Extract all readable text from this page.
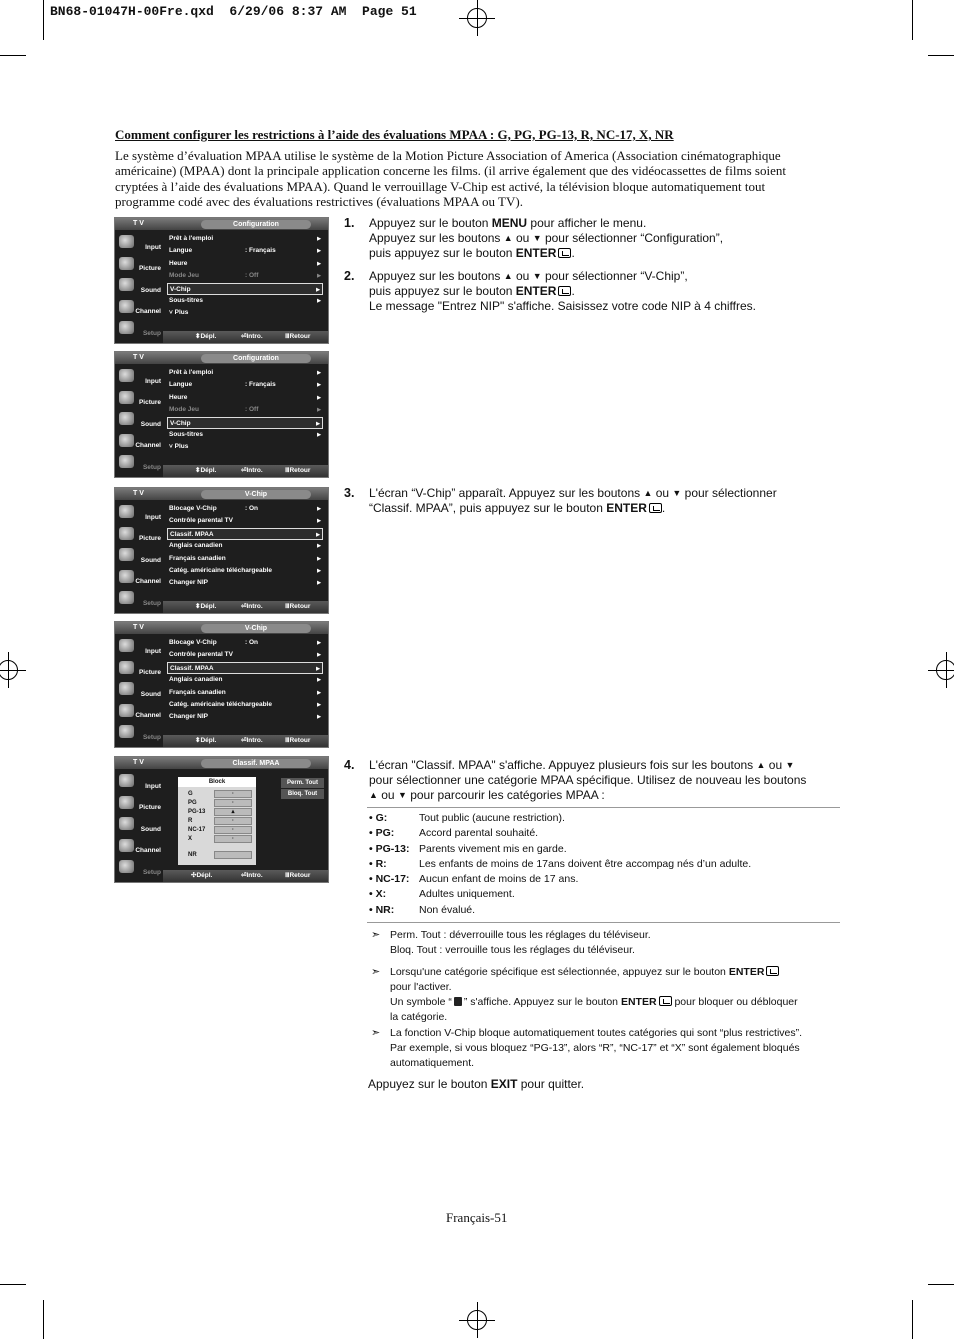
BN68-01047H-00Fre.qxd  6/29/06 8:37 AM  Page 51
Comment configurer les restrictions à l’aide des évaluations MPAA : G, PG, PG-13, R, NC-17, X, NR
Le système d’évaluation MPAA utilise le système de la Motion Picture Association of America (Association cinématographique américaine) (MPAA) dont la principale application concerne les films. (il arrive également que des vidéocassettes de films soient cryptées à l’aide des évaluations MPAA). Quand le verrouillage V-Chip est activé, la télévision bloque automatiquement tout programme codé avec des évaluations restrictives (évaluations MPAA ou TV).
T V	Configuration
Input
Picture
Sound
Channel
Setup
Prêt à l'emploi	▶
Langue	: Français	▶
Heure	▶
Mode Jeu	: Off	▶
V-Chip	▶
Sous-titres	▶
˅ Plus
⬍ Dépl.	⏎ Intro.	Ⅲ Retour
T V	Configuration
Input
Picture
Sound
Channel
Setup
Prêt à l'emploi	▶
Langue	: Français	▶
Heure	▶
Mode Jeu	: Off	▶
V-Chip	▶
Sous-titres	▶
˅ Plus
⬍ Dépl.	⏎ Intro.	Ⅲ Retour
T V	V-Chip
Input
Picture
Sound
Channel
Setup
Blocage V-Chip	: On	▶
Contrôle parental TV	▶
Classif. MPAA	▶
Anglais canadien	▶
Français canadien	▶
Catég. américaine téléchargeable	▶
Changer NIP	▶
⬍ Dépl.	⏎ Intro.	Ⅲ Retour
T V	V-Chip
Input
Picture
Sound
Channel
Setup
Blocage V-Chip	: On	▶
Contrôle parental TV	▶
Classif. MPAA	▶
Anglais canadien	▶
Français canadien	▶
Catég. américaine téléchargeable	▶
Changer NIP	▶
⬍ Dépl.	⏎ Intro.	Ⅲ Retour
T V	Classif. MPAA
Input
Picture
Sound
Channel
Setup
Block
G	·
PG	·
PG-13	▴
R	·
NC-17	·
X	·
NR
Perm. Tout
Bloq. Tout
✣ Dépl.	⏎ Intro.	Ⅲ Retour
1. Appuyez sur le bouton MENU pour afficher le menu.
Appuyez sur les boutons ▲ ou ▼ pour sélectionner “Configuration”,
puis appuyez sur le bouton ENTER .
2. Appuyez sur les boutons ▲ ou ▼ pour sélectionner “V-Chip”,
puis appuyez sur le bouton ENTER .
Le message "Entrez NIP" s'affiche. Saisissez votre code NIP à 4 chiffres.
3. L'écran “V-Chip” apparaît. Appuyez sur les boutons ▲ ou ▼ pour sélectionner
“Classif. MPAA”, puis appuyez sur le bouton ENTER .
4. L'écran "Classif. MPAA" s'affiche. Appuyez plusieurs fois sur les boutons ▲ ou ▼
pour sélectionner une catégorie MPAA spécifique. Utilisez de nouveau les boutons
▲ ou ▼ pour parcourir les catégories MPAA :
• G:	Tout public (aucune restriction).
• PG: Accord parental souhaité.
• PG-13: Parents vivement mis en garde.
• R:	Les enfants de moins de 17ans doivent être accompag nés d’un adulte.
• NC-17: Aucun enfant de moins de 17 ans.
• X:	Adultes uniquement.
• NR: Non évalué.
➣ Perm. Tout : déverrouille tous les réglages du téléviseur.
Bloq. Tout : verrouille tous les réglages du téléviseur.
➣ Lorsqu'une catégorie spécifique est sélectionnée, appuyez sur le bouton ENTER
pour l'activer.
Un symbole “ ” s'affiche. Appuyez sur le bouton ENTER pour bloquer ou débloquer
la catégorie.
➣ La fonction V-Chip bloque automatiquement toutes catégories qui sont “plus restrictives”.
Par exemple, si vous bloquez “PG-13”, alors “R”, “NC-17” et “X” sont également bloqués
automatiquement.
Appuyez sur le bouton EXIT pour quitter.
Français-51
